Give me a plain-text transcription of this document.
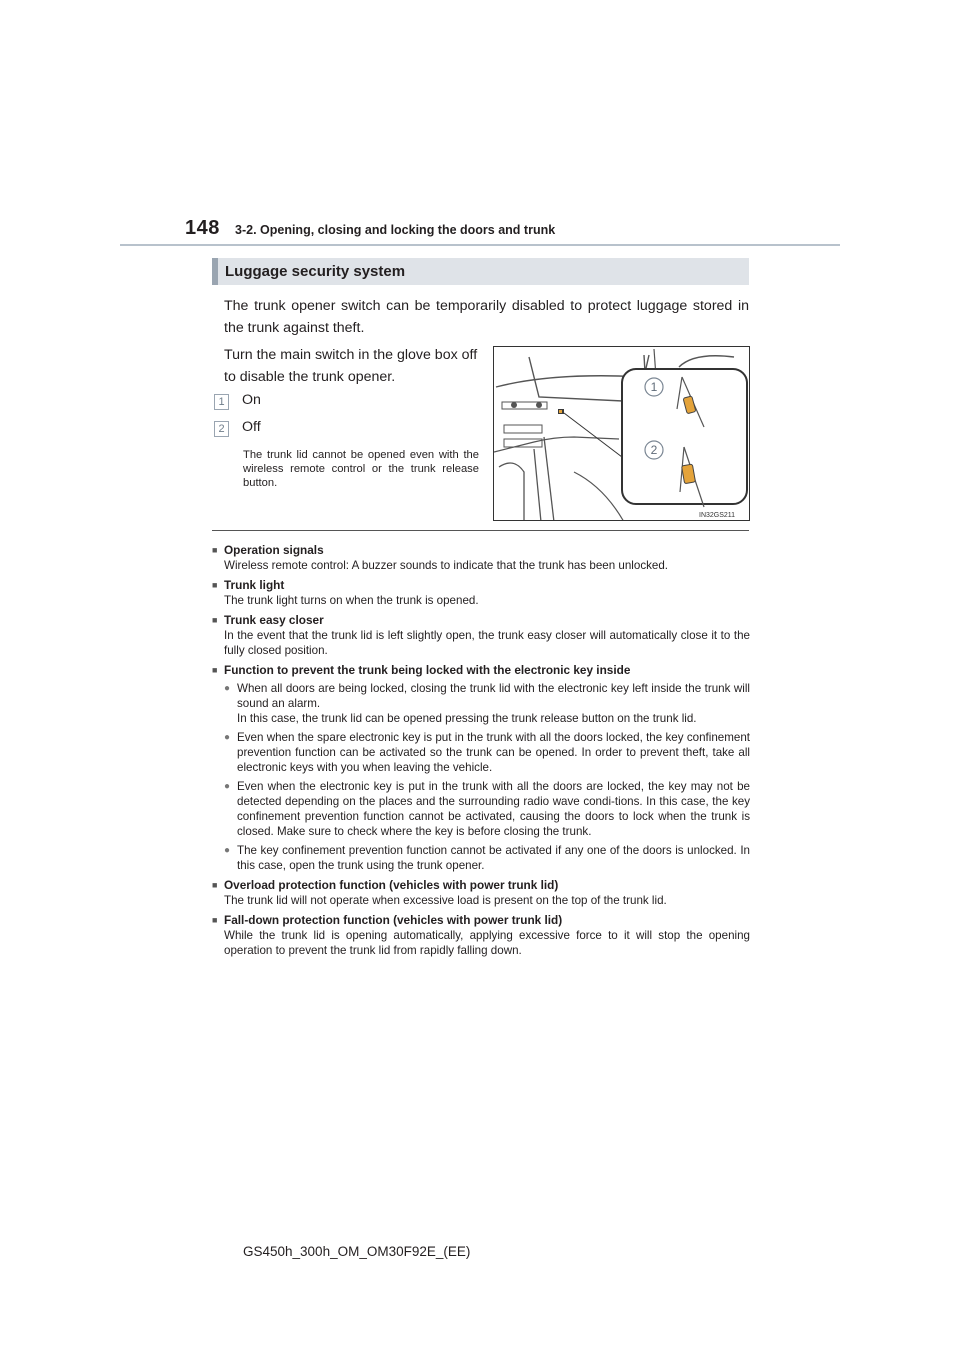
148 3-2. Opening, closing and locking the doors and trunk
Luggage security system
The trunk opener switch can be temporarily disabled to protect luggage stored in the trunk against theft.
Turn the main switch in the glove box off to disable the trunk opener.
1	On
2	Off
The trunk lid cannot be opened even with the wireless remote control or the trunk release button.
1
2
IN32GS211
■ Operation signals
Wireless remote control: A buzzer sounds to indicate that the trunk has been unlocked.
■ Trunk light
The trunk light turns on when the trunk is opened.
■ Trunk easy closer
In the event that the trunk lid is left slightly open, the trunk easy closer will automatically close it to the fully closed position.
■ Function to prevent the trunk being locked with the electronic key inside
● When all doors are being locked, closing the trunk lid with the electronic key left inside the trunk will sound an alarm.
In this case, the trunk lid can be opened pressing the trunk release button on the trunk lid.
● Even when the spare electronic key is put in the trunk with all the doors locked, the key confinement prevention function can be activated so the trunk can be opened. In order to prevent theft, take all electronic keys with you when leaving the vehicle.
● Even when the electronic key is put in the trunk with all the doors are locked, the key may not be detected depending on the places and the surrounding radio wave condi-tions. In this case, the key confinement prevention function cannot be activated, causing the doors to lock when the trunk is closed. Make sure to check where the key is before closing the trunk.
● The key confinement prevention function cannot be activated if any one of the doors is unlocked. In this case, open the trunk using the trunk opener.
■ Overload protection function (vehicles with power trunk lid)
The trunk lid will not operate when excessive load is present on the top of the trunk lid.
■ Fall-down protection function (vehicles with power trunk lid)
While the trunk lid is opening automatically, applying excessive force to it will stop the opening operation to prevent the trunk lid from rapidly falling down.
GS450h_300h_OM_OM30F92E_(EE)
